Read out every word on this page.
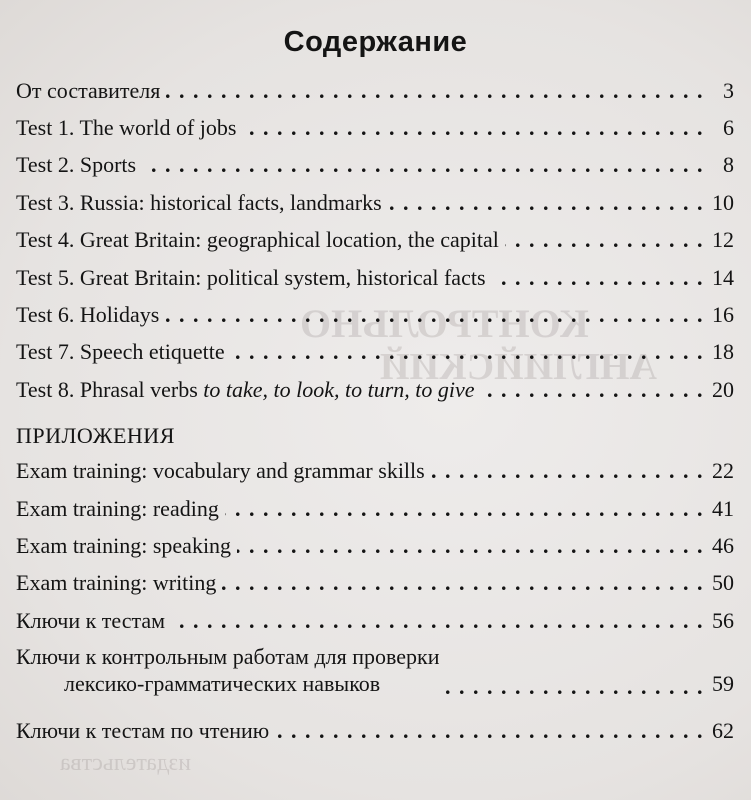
КОНТРОЛЬНО
АНГЛИЙСКИЙ
издательства
Содержание
От составителя . . .	3
Test 1. The world of jobs . . .	6
Test 2. Sports . . .	8
Test 3. Russia: historical facts, landmarks . . .	10
Test 4. Great Britain: geographical location, the capital . . .	12
Test 5. Great Britain: political system, historical facts . . .	14
Test 6. Holidays . . .	16
Test 7. Speech etiquette . . .	18
Test 8. Phrasal verbs to take, to look, to turn, to give . . .	20
ПРИЛОЖЕНИЯ
Exam training: vocabulary and grammar skills . . .	22
Exam training: reading . . .	41
Exam training: speaking . . .	46
Exam training: writing . . .	50
Ключи к тестам . . .	56
Ключи к контрольным работам для проверки
лексико-грамматических навыков . . .	59
Ключи к тестам по чтению . . .	62
